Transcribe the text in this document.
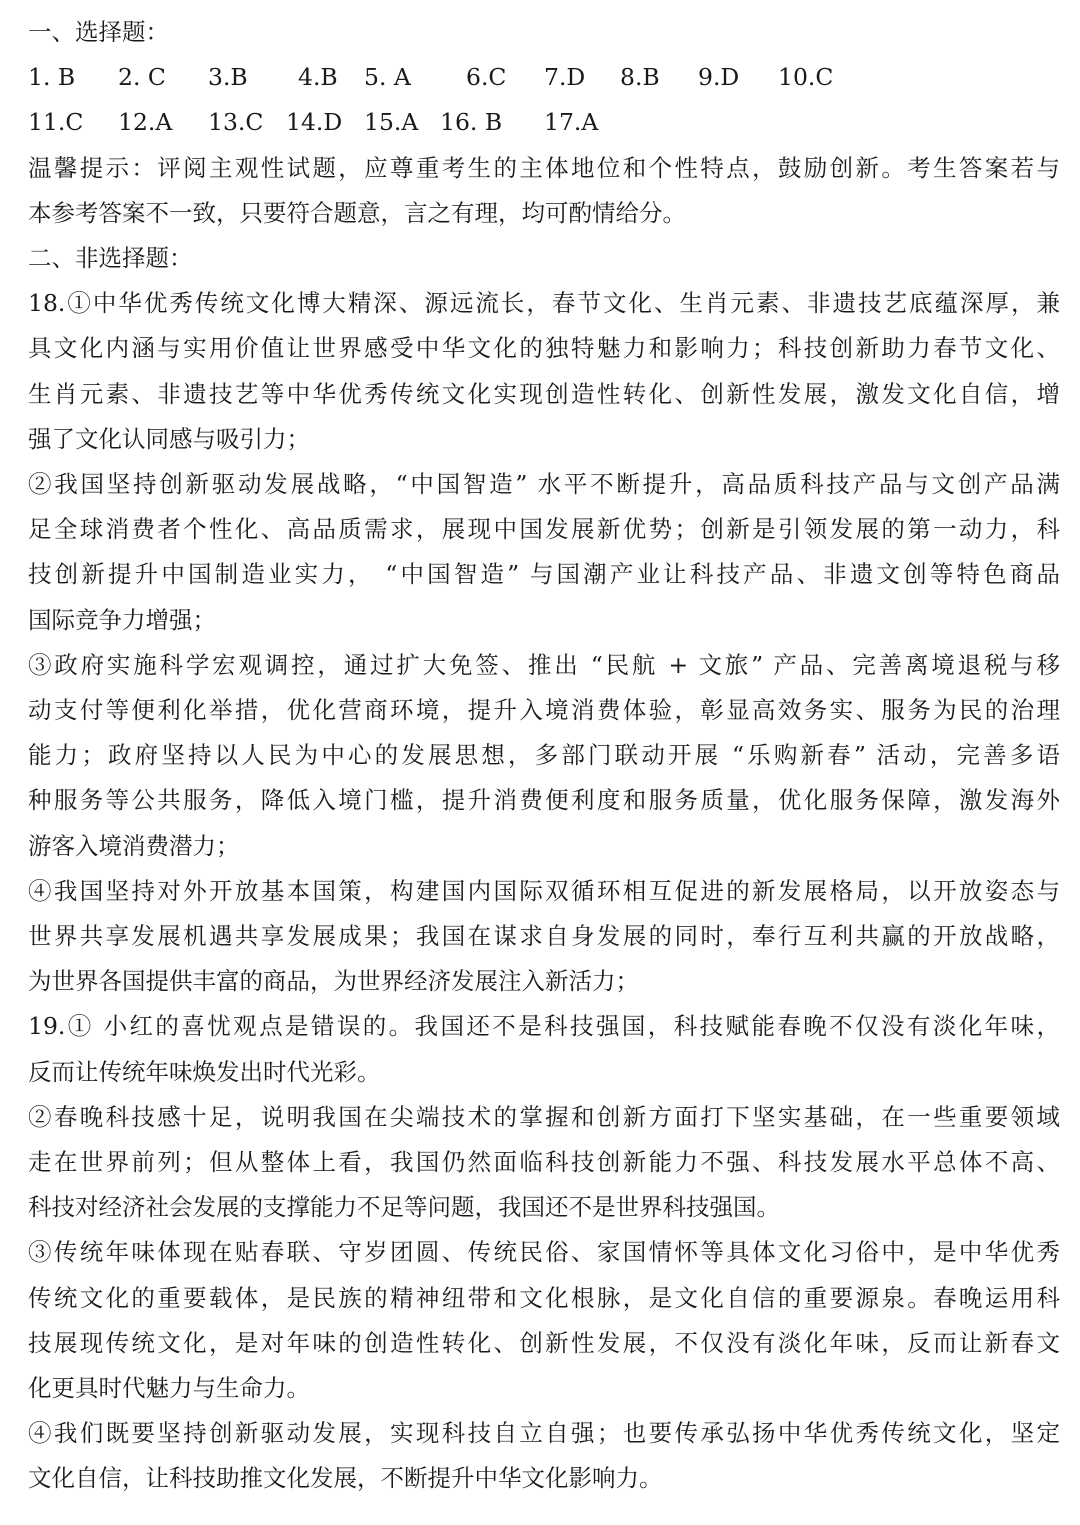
一、选择题：
1. B 2. C 3.B 4.B 5. A 6.C 7.D 8.B 9.D 10.C
11.C 12.A 13.C 14.D 15.A 16. B 17.A
温馨提示：评阅主观性试题，应尊重考生的主体地位和个性特点，鼓励创新。考生答案若与
本参考答案不一致，只要符合题意，言之有理，均可酌情给分。
二、非选择题：
18.①中华优秀传统文化博大精深、源远流长，春节文化、生肖元素、非遗技艺底蕴深厚，兼
具文化内涵与实用价值让世界感受中华文化的独特魅力和影响力；科技创新助力春节文化、
生肖元素、非遗技艺等中华优秀传统文化实现创造性转化、创新性发展，激发文化自信，增
强了文化认同感与吸引力；
②我国坚持创新驱动发展战略，“中国智造” 水平不断提升，高品质科技产品与文创产品满
足全球消费者个性化、高品质需求，展现中国发展新优势；创新是引领发展的第一动力，科
技创新提升中国制造业实力， “中国智造” 与国潮产业让科技产品、非遗文创等特色商品
国际竞争力增强；
③政府实施科学宏观调控，通过扩大免签、推出 “民航 + 文旅” 产品、完善离境退税与移
动支付等便利化举措，优化营商环境，提升入境消费体验，彰显高效务实、服务为民的治理
能力；政府坚持以人民为中心的发展思想，多部门联动开展 “乐购新春” 活动，完善多语
种服务等公共服务，降低入境门槛，提升消费便利度和服务质量，优化服务保障，激发海外
游客入境消费潜力；
④我国坚持对外开放基本国策，构建国内国际双循环相互促进的新发展格局，以开放姿态与
世界共享发展机遇共享发展成果；我国在谋求自身发展的同时，奉行互利共赢的开放战略，
为世界各国提供丰富的商品，为世界经济发展注入新活力；
19.① 小红的喜忧观点是错误的。我国还不是科技强国，科技赋能春晚不仅没有淡化年味，
反而让传统年味焕发出时代光彩。
②春晚科技感十足，说明我国在尖端技术的掌握和创新方面打下坚实基础，在一些重要领域
走在世界前列；但从整体上看，我国仍然面临科技创新能力不强、科技发展水平总体不高、
科技对经济社会发展的支撑能力不足等问题，我国还不是世界科技强国。
③传统年味体现在贴春联、守岁团圆、传统民俗、家国情怀等具体文化习俗中，是中华优秀
传统文化的重要载体，是民族的精神纽带和文化根脉，是文化自信的重要源泉。春晚运用科
技展现传统文化，是对年味的创造性转化、创新性发展，不仅没有淡化年味，反而让新春文
化更具时代魅力与生命力。
④我们既要坚持创新驱动发展，实现科技自立自强；也要传承弘扬中华优秀传统文化，坚定
文化自信，让科技助推文化发展，不断提升中华文化影响力。
